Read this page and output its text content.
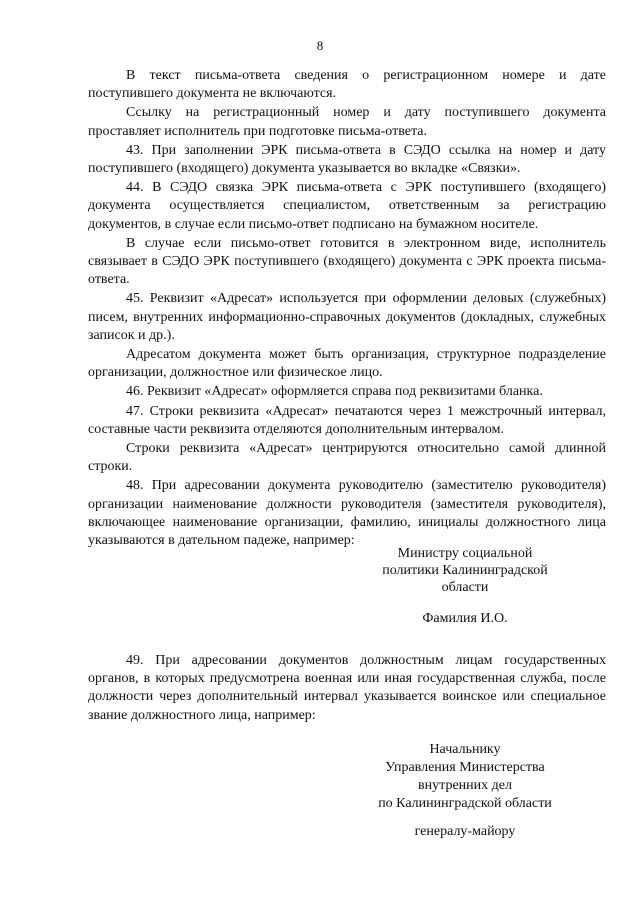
8

В текст письма-ответа сведения о регистрационном номере и дате поступившего документа не включаются.

Ссылку на регистрационный номер и дату поступившего документа проставляет исполнитель при подготовке письма-ответа.

43. При заполнении ЭРК письма-ответа в СЭДО ссылка на номер и дату поступившего (входящего) документа указывается во вкладке «Связки».

44. В СЭДО связка ЭРК письма-ответа с ЭРК поступившего (входящего) документа осуществляется специалистом, ответственным за регистрацию документов, в случае если письмо-ответ подписано на бумажном носителе.

В случае если письмо-ответ готовится в электронном виде, исполнитель связывает в СЭДО ЭРК поступившего (входящего) документа с ЭРК проекта письма-ответа.

45. Реквизит «Адресат» используется при оформлении деловых (служебных) писем, внутренних информационно-справочных документов (докладных, служебных записок и др.).

Адресатом документа может быть организация, структурное подразделение организации, должностное или физическое лицо.

46. Реквизит «Адресат» оформляется справа под реквизитами бланка.

47. Строки реквизита «Адресат» печатаются через 1 межстрочный интервал, составные части реквизита отделяются дополнительным интервалом.

Строки реквизита «Адресат» центрируются относительно самой длинной строки.

48. При адресовании документа руководителю (заместителю руководителя) организации наименование должности руководителя (заместителя руководителя), включающее наименование организации, фамилию, инициалы должностного лица указываются в дательном падеже, например:

Министру социальной
политики Калининградской
области
Фамилия И.О.

49. При адресовании документов должностным лицам государственных органов, в которых предусмотрена военная или иная государственная служба, после должности через дополнительный интервал указывается воинское или специальное звание должностного лица, например:

Начальнику
Управления Министерства
внутренних дел
по Калининградской области
генералу-майору
